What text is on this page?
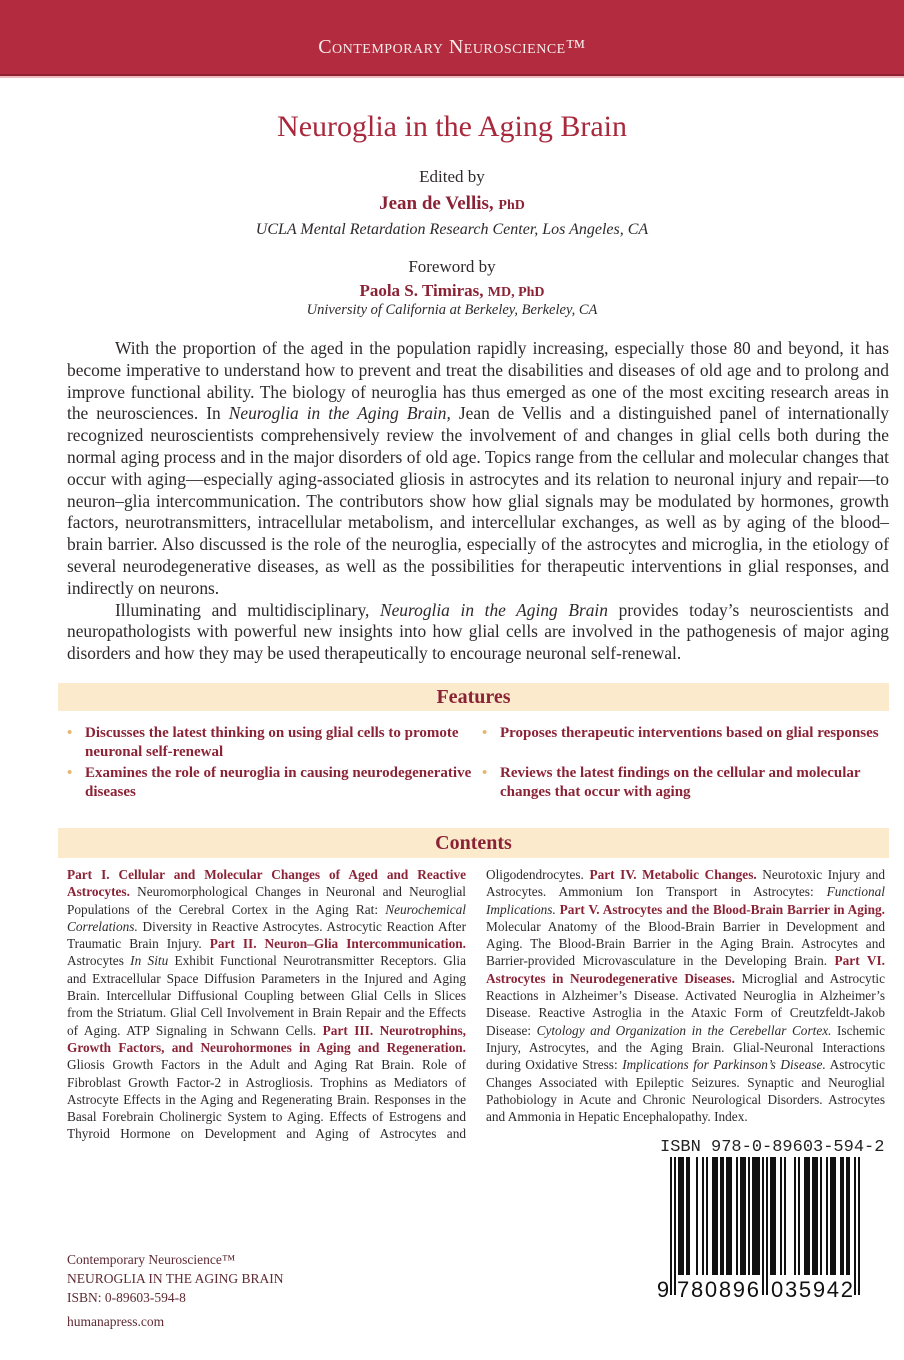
Contemporary Neuroscience™
Neuroglia in the Aging Brain
Edited by
Jean de Vellis, PhD
UCLA Mental Retardation Research Center, Los Angeles, CA
Foreword by
Paola S. Timiras, MD, PhD
University of California at Berkeley, Berkeley, CA

With the proportion of the aged in the population rapidly increasing, especially those 80 and beyond, it has become imperative to understand how to prevent and treat the disabilities and diseases of old age and to prolong and improve functional ability. The biology of neuroglia has thus emerged as one of the most exciting research areas in the neurosciences. In Neuroglia in the Aging Brain, Jean de Vellis and a distinguished panel of internationally recognized neuroscientists comprehensively review the involvement of and changes in glial cells both during the normal aging process and in the major disorders of old age. Topics range from the cellular and molecular changes that occur with aging—especially aging-associated gliosis in astrocytes and its relation to neuronal injury and repair—to neuron–glia intercommunication. The contributors show how glial signals may be modulated by hormones, growth factors, neurotransmitters, intracellular metabolism, and intercellular exchanges, as well as by aging of the blood–brain barrier. Also discussed is the role of the neuroglia, especially of the astrocytes and microglia, in the etiology of several neurodegenerative diseases, as well as the possibilities for therapeutic interventions in glial responses, and indirectly on neurons.

Illuminating and multidisciplinary, Neuroglia in the Aging Brain provides today’s neuroscientists and neuropathologists with powerful new insights into how glial cells are involved in the pathogenesis of major aging disorders and how they may be used therapeutically to encourage neuronal self-renewal.

Features
• Discusses the latest thinking on using glial cells to promote neuronal self-renewal
• Proposes therapeutic interventions based on glial responses
• Examines the role of neuroglia in causing neurodegenerative diseases
• Reviews the latest findings on the cellular and molecular changes that occur with aging
Contents
Part I. Cellular and Molecular Changes of Aged and Reactive Astrocytes. Neuromorphological Changes in Neuronal and Neuroglial Populations of the Cerebral Cortex in the Aging Rat: Neurochemical Correlations. Diversity in Reactive Astrocytes. Astrocytic Reaction After Traumatic Brain Injury. Part II. Neuron–Glia Intercommunication. Astrocytes In Situ Exhibit Functional Neurotransmitter Receptors. Glia and Extracellular Space Diffusion Parameters in the Injured and Aging Brain. Intercellular Diffusional Coupling between Glial Cells in Slices from the Striatum. Glial Cell Involvement in Brain Repair and the Effects of Aging. ATP Signaling in Schwann Cells. Part III. Neurotrophins, Growth Factors, and Neurohormones in Aging and Regeneration. Gliosis Growth Factors in the Adult and Aging Rat Brain. Role of Fibroblast Growth Factor-2 in Astrogliosis. Trophins as Mediators of Astrocyte Effects in the Aging and Regenerating Brain. Responses in the Basal Forebrain Cholinergic System to Aging. Effects of Estrogens and Thyroid Hormone on Development and Aging of Astrocytes and Oligodendrocytes. Part IV. Metabolic Changes. Neurotoxic Injury and Astrocytes. Ammonium Ion Transport in Astrocytes: Functional Implications. Part V. Astrocytes and the Blood-Brain Barrier in Aging. Molecular Anatomy of the Blood-Brain Barrier in Development and Aging. The Blood-Brain Barrier in the Aging Brain. Astrocytes and Barrier-provided Microvasculature in the Developing Brain. Part VI. Astrocytes in Neurodegenerative Diseases. Microglial and Astrocytic Reactions in Alzheimer’s Disease. Activated Neuroglia in Alzheimer’s Disease. Reactive Astroglia in the Ataxic Form of Creutzfeldt-Jakob Disease: Cytology and Organization in the Cerebellar Cortex. Ischemic Injury, Astrocytes, and the Aging Brain. Glial-Neuronal Interactions during Oxidative Stress: Implications for Parkinson’s Disease. Astrocytic Changes Associated with Epileptic Seizures. Synaptic and Neuroglial Pathobiology in Acute and Chronic Neurological Disorders. Astrocytes and Ammonia in Hepatic Encephalopathy. Index.
ISBN 978-0-89603-594-2
9 780896 035942
Contemporary Neuroscience™
NEUROGLIA IN THE AGING BRAIN
ISBN: 0-89603-594-8
humanapress.com
